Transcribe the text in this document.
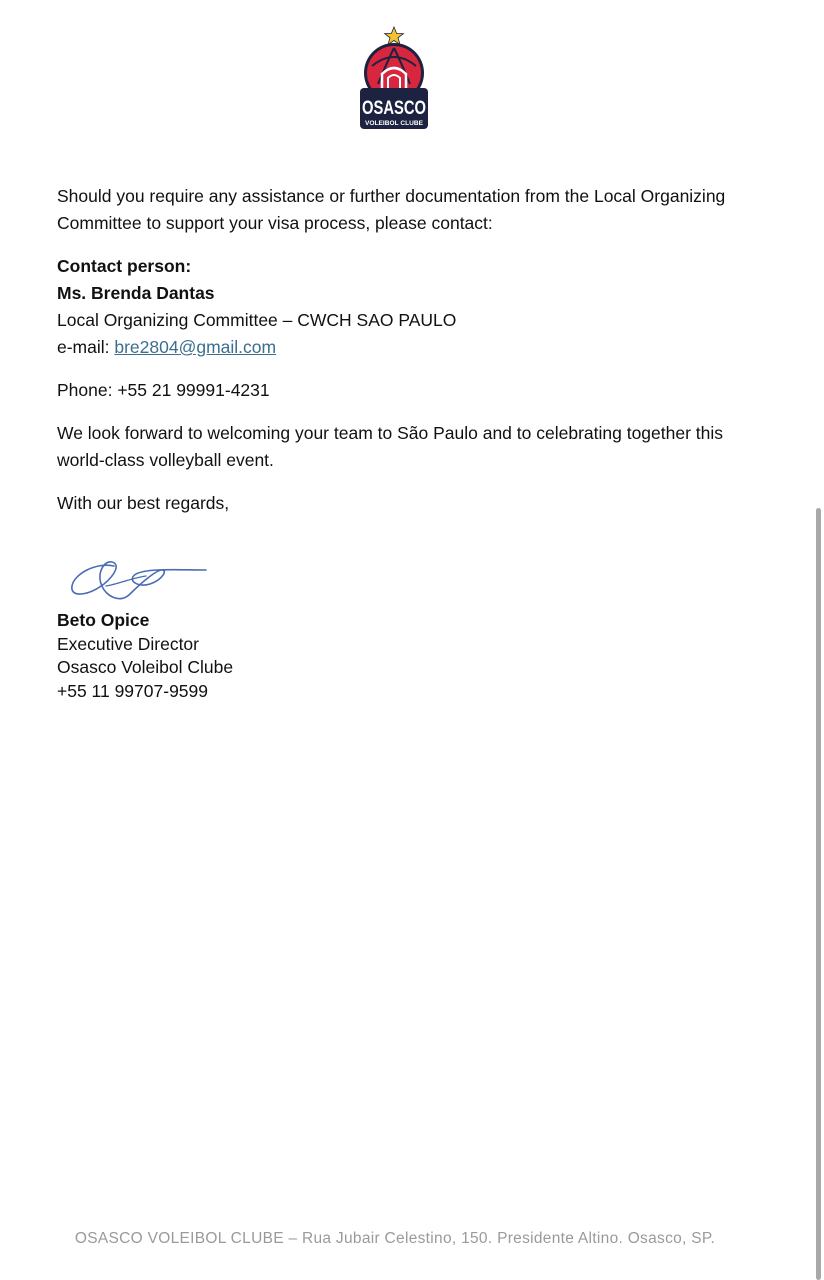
OSASCO
VOLEIBOL CLUBE

Should you require any assistance or further documentation from the Local Organizing Committee to support your visa process, please contact:

Contact person:

Ms. Brenda Dantas

Local Organizing Committee – CWCH SAO PAULO

e-mail: bre2804@gmail.com

Phone: +55 21 99991-4231

We look forward to welcoming your team to São Paulo and to celebrating together this world-class volleyball event.

With our best regards,

Beto Opice

Executive Director

Osasco Voleibol Clube

+55 11 99707-9599

OSASCO VOLEIBOL CLUBE – Rua Jubair Celestino, 150. Presidente Altino. Osasco, SP.
